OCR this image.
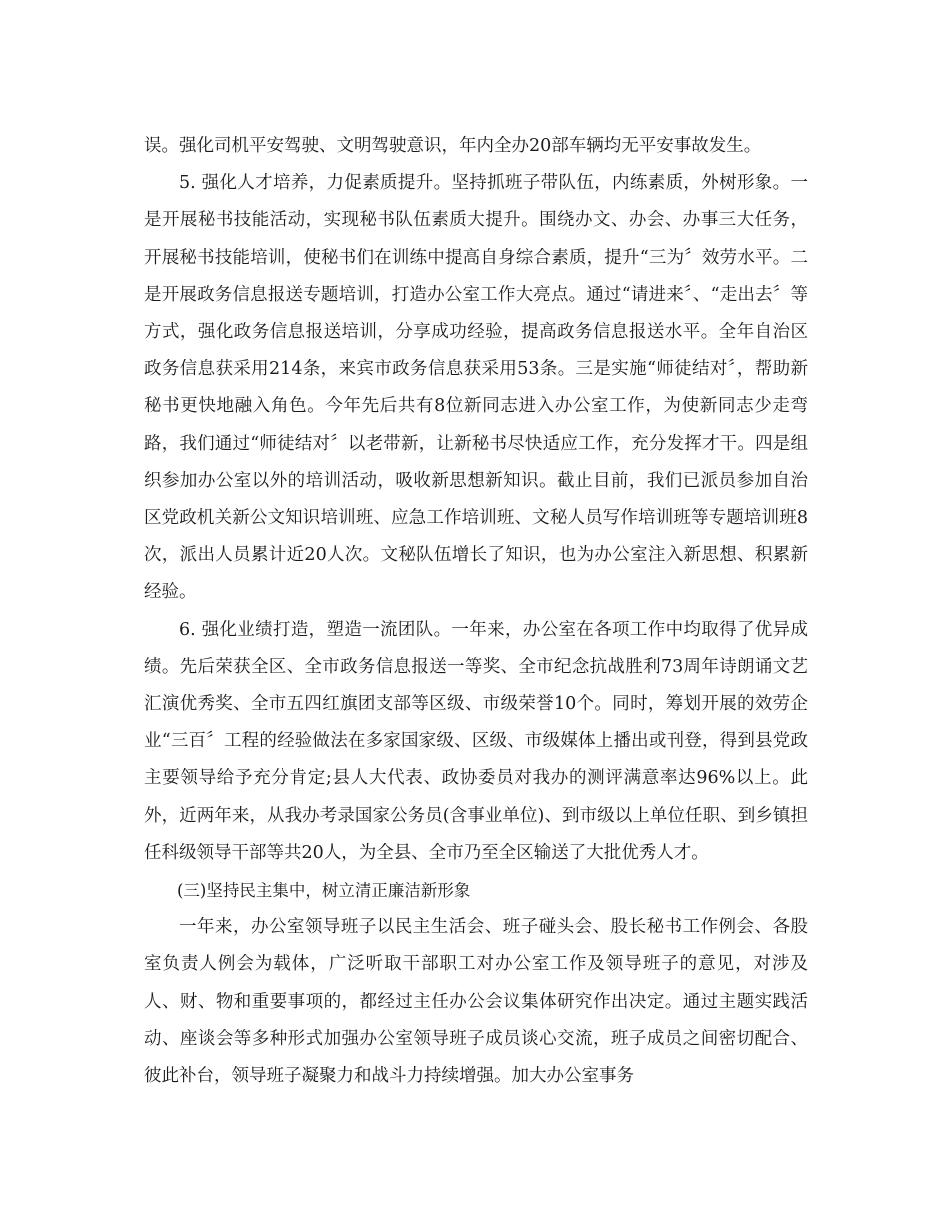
误。强化司机平安驾驶、文明驾驶意识，年内全办20部车辆均无平安事故发生。

5. 强化人才培养，力促素质提升。坚持抓班子带队伍，内练素质，外树形象。一是开展秘书技能活动，实现秘书队伍素质大提升。围绕办文、办会、办事三大任务，开展秘书技能培训，使秘书们在训练中提高自身综合素质，提升“三为〞效劳水平。二是开展政务信息报送专题培训，打造办公室工作大亮点。通过“请进来〞、“走出去〞等方式，强化政务信息报送培训，分享成功经验，提高政务信息报送水平。全年自治区政务信息获采用214条，来宾市政务信息获采用53条。三是实施“师徒结对〞，帮助新秘书更快地融入角色。今年先后共有8位新同志进入办公室工作，为使新同志少走弯路，我们通过“师徒结对〞以老带新，让新秘书尽快适应工作，充分发挥才干。四是组织参加办公室以外的培训活动，吸收新思想新知识。截止目前，我们已派员参加自治区党政机关新公文知识培训班、应急工作培训班、文秘人员写作培训班等专题培训班8次，派出人员累计近20人次。文秘队伍增长了知识，也为办公室注入新思想、积累新经验。

6. 强化业绩打造，塑造一流团队。一年来，办公室在各项工作中均取得了优异成绩。先后荣获全区、全市政务信息报送一等奖、全市纪念抗战胜利73周年诗朗诵文艺汇演优秀奖、全市五四红旗团支部等区级、市级荣誉10个。同时，筹划开展的效劳企业“三百〞工程的经验做法在多家国家级、区级、市级媒体上播出或刊登，得到县党政主要领导给予充分肯定;县人大代表、政协委员对我办的测评满意率达96%以上。此外，近两年来，从我办考录国家公务员(含事业单位)、到市级以上单位任职、到乡镇担任科级领导干部等共20人，为全县、全市乃至全区输送了大批优秀人才。

(三)坚持民主集中，树立清正廉洁新形象

一年来，办公室领导班子以民主生活会、班子碰头会、股长秘书工作例会、各股室负责人例会为载体，广泛听取干部职工对办公室工作及领导班子的意见，对涉及人、财、物和重要事项的，都经过主任办公会议集体研究作出决定。通过主题实践活动、座谈会等多种形式加强办公室领导班子成员谈心交流，班子成员之间密切配合、彼此补台，领导班子凝聚力和战斗力持续增强。加大办公室事务
